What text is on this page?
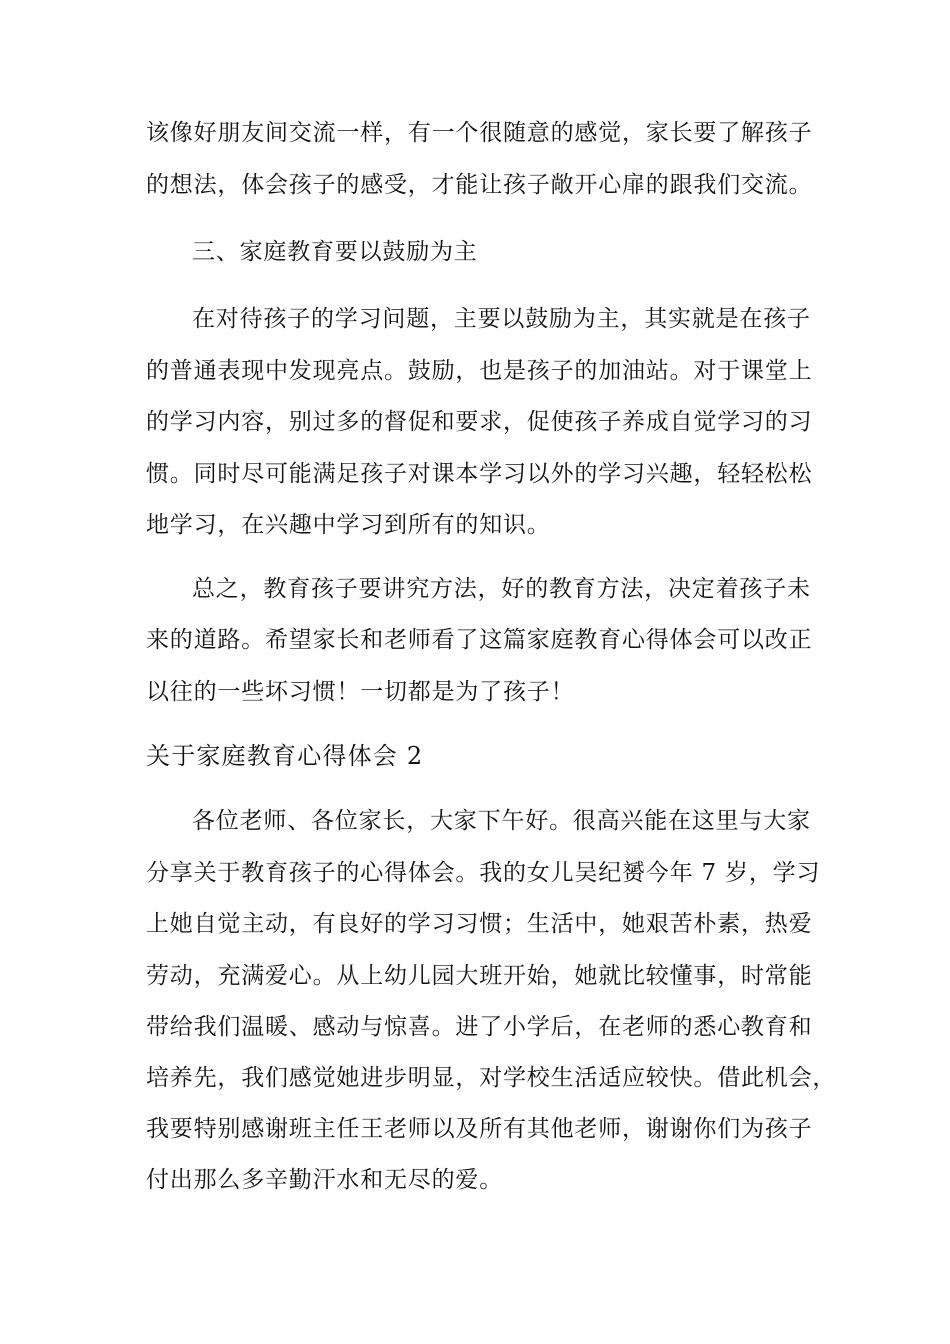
该像好朋友间交流一样，有一个很随意的感觉，家长要了解孩子
的想法，体会孩子的感受，才能让孩子敞开心扉的跟我们交流。
三、家庭教育要以鼓励为主
在对待孩子的学习问题，主要以鼓励为主，其实就是在孩子
的普通表现中发现亮点。鼓励，也是孩子的加油站。对于课堂上
的学习内容，别过多的督促和要求，促使孩子养成自觉学习的习
惯。同时尽可能满足孩子对课本学习以外的学习兴趣，轻轻松松
地学习，在兴趣中学习到所有的知识。
总之，教育孩子要讲究方法，好的教育方法，决定着孩子未
来的道路。希望家长和老师看了这篇家庭教育心得体会可以改正
以往的一些坏习惯！一切都是为了孩子！
关于家庭教育心得体会 2
各位老师、各位家长，大家下午好。很高兴能在这里与大家
分享关于教育孩子的心得体会。我的女儿吴纪赟今年 7 岁，学习
上她自觉主动，有良好的学习习惯；生活中，她艰苦朴素，热爱
劳动，充满爱心。从上幼儿园大班开始，她就比较懂事，时常能
带给我们温暖、感动与惊喜。进了小学后，在老师的悉心教育和
培养先，我们感觉她进步明显，对学校生活适应较快。借此机会，
我要特别感谢班主任王老师以及所有其他老师，谢谢你们为孩子
付出那么多辛勤汗水和无尽的爱。
